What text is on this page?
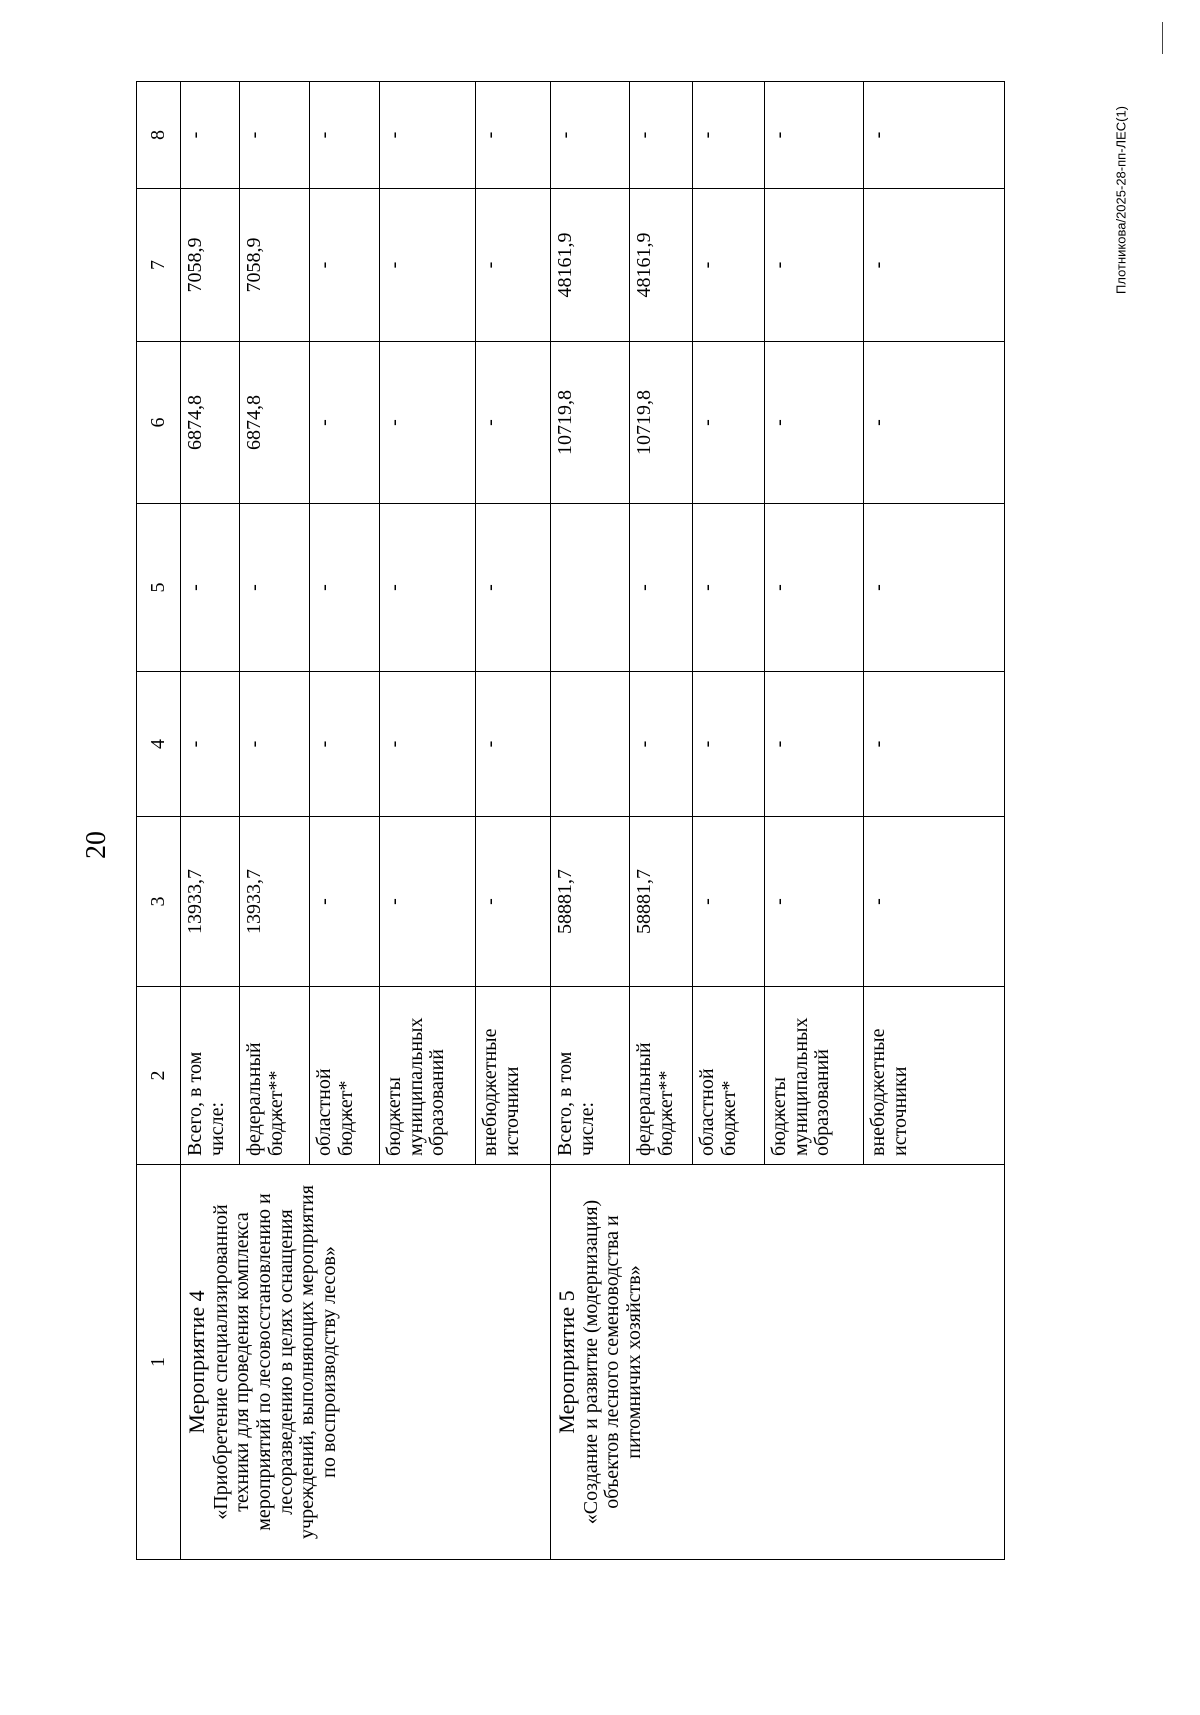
20
Плотникова/2025-28-пп-ЛЕС(1)
1	2	3	4	5	6	7	8

Мероприятие 4 «Приобретение специализированной техники для проведения комплекса мероприятий по лесовосстановлению и лесоразведению в целях оснащения учреждений, выполняющих мероприятия по воспроизводству лесов»	Всего, в том числе:	13933,7	-	-	6874,8	7058,9	-
	федеральный бюджет**	13933,7	-	-	6874,8	7058,9	-
	областной бюджет*	-	-	-	-	-	-
	бюджеты муниципальных образований	-	-	-	-	-	-
	внебюджетные источники	-	-	-	-	-	-

Мероприятие 5 «Создание и развитие (модернизация) объектов лесного семеноводства и питомничих хозяйств»	Всего, в том числе:	58881,7			10719,8	48161,9	-
	федеральный бюджет**	58881,7	-	-	10719,8	48161,9	-
	областной бюджет*	-	-	-	-	-	-
	бюджеты муниципальных образований	-	-	-	-	-	-
	внебюджетные источники	-	-	-	-	-	-
